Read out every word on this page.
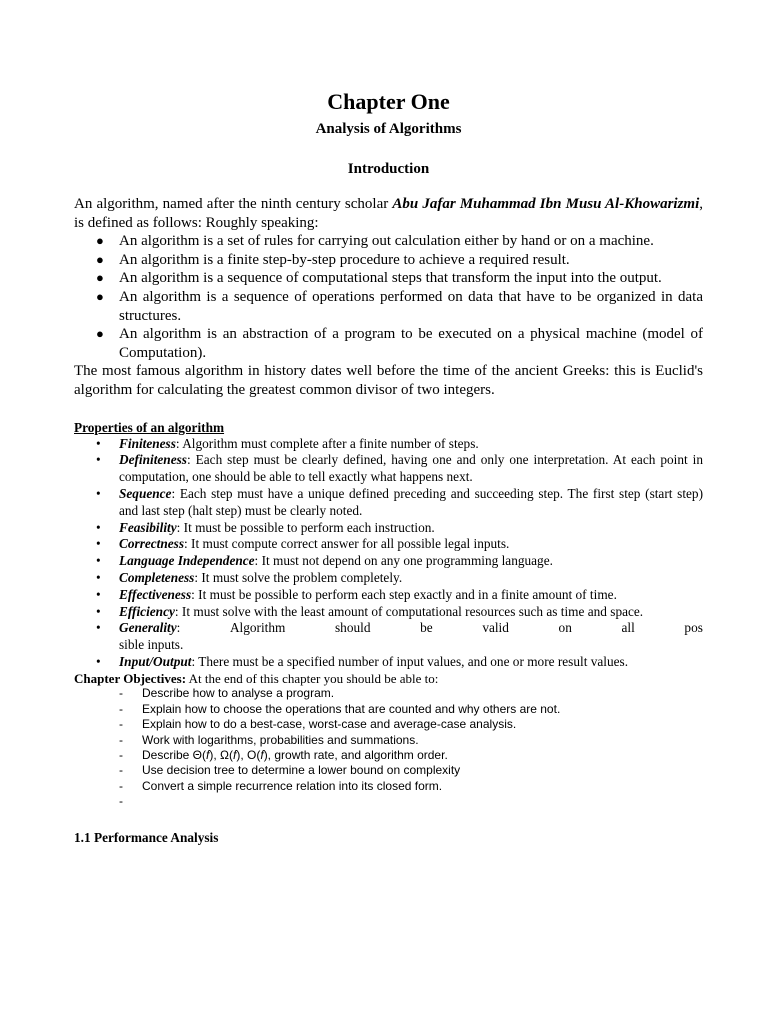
Chapter One
Analysis of Algorithms
Introduction

An algorithm, named after the ninth century scholar Abu Jafar Muhammad Ibn Musu Al-Khowarizmi, is defined as follows: Roughly speaking:

● An algorithm is a set of rules for carrying out calculation either by hand or on a machine.
● An algorithm is a finite step-by-step procedure to achieve a required result.
● An algorithm is a sequence of computational steps that transform the input into the output.
● An algorithm is a sequence of operations performed on data that have to be organized in data structures.
● An algorithm is an abstraction of a program to be executed on a physical machine (model of Computation).

The most famous algorithm in history dates well before the time of the ancient Greeks: this is Euclid's algorithm for calculating the greatest common divisor of two integers.

Properties of an algorithm
• Finiteness: Algorithm must complete after a finite number of steps.
• Definiteness: Each step must be clearly defined, having one and only one interpretation. At each point in computation, one should be able to tell exactly what happens next.
• Sequence: Each step must have a unique defined preceding and succeeding step. The first step (start step) and last step (halt step) must be clearly noted.
• Feasibility: It must be possible to perform each instruction.
• Correctness: It must compute correct answer for all possible legal inputs.
• Language Independence: It must not depend on any one programming language.
• Completeness: It must solve the problem completely.
• Effectiveness: It must be possible to perform each step exactly and in a finite amount of time.
• Efficiency: It must solve with the least amount of computational resources such as time and space.
• Generality:	Algorithm	should	be	valid	on	all	pos
sible inputs.
• Input/Output: There must be a specified number of input values, and one or more result values.

Chapter Objectives: At the end of this chapter you should be able to:

- Describe how to analyse a program.
- Explain how to choose the operations that are counted and why others are not.
- Explain how to do a best-case, worst-case and average-case analysis.
- Work with logarithms, probabilities and summations.
- Describe Θ(f), Ω(f), O(f), growth rate, and algorithm order.
- Use decision tree to determine a lower bound on complexity
- Convert a simple recurrence relation into its closed form.
-
1.1 Performance Analysis
